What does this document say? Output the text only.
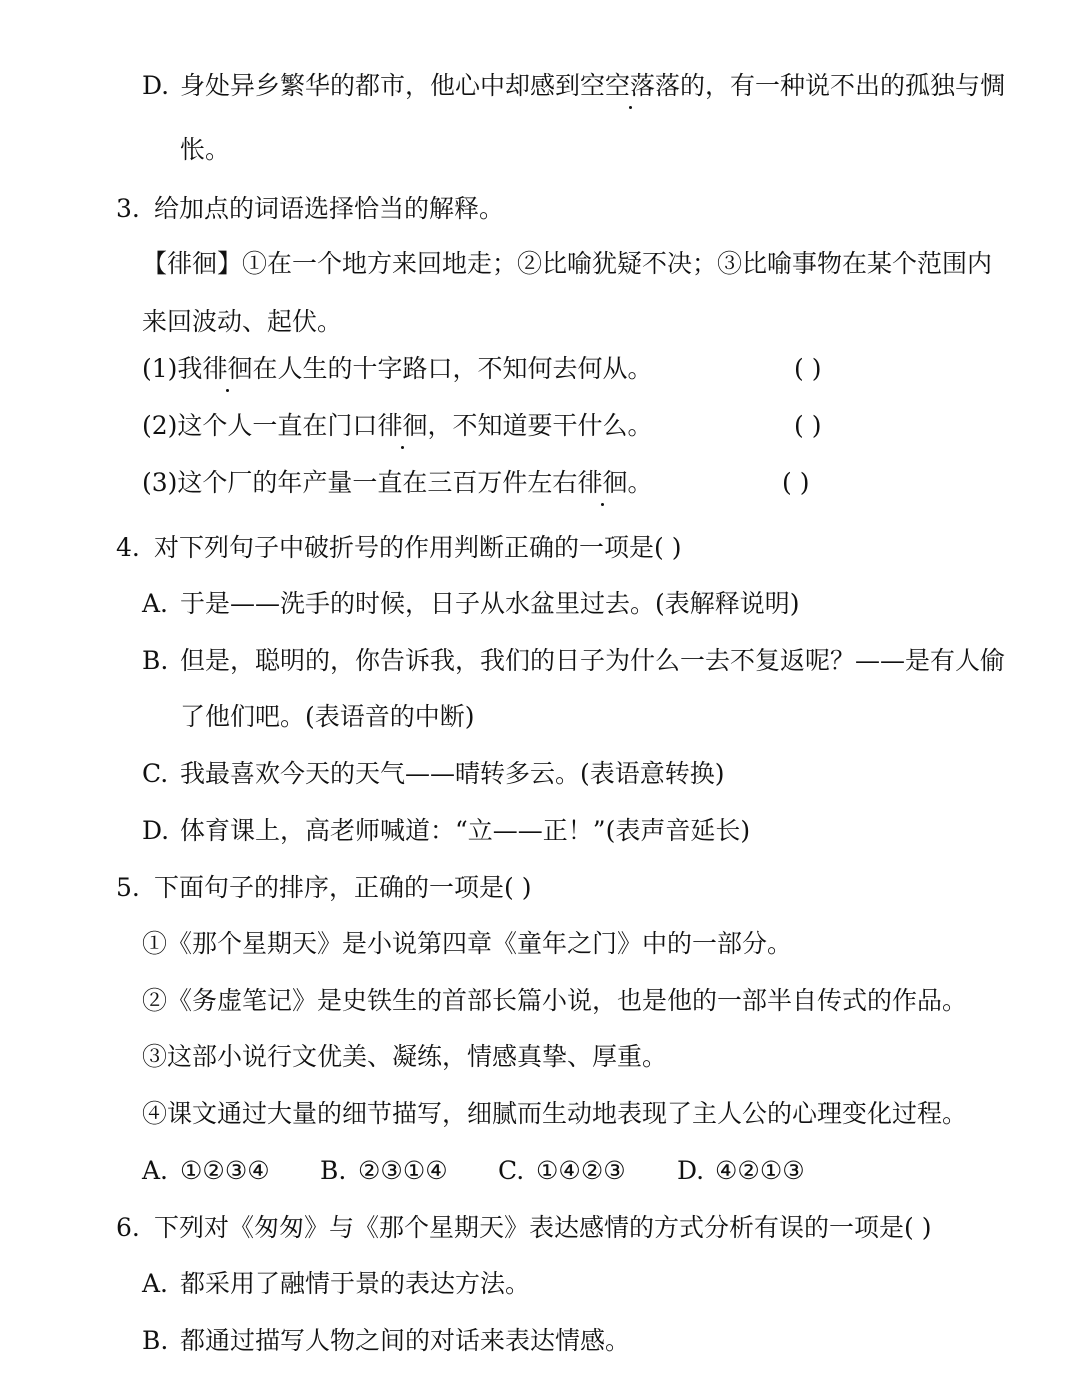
D. 身处异乡繁华的都市，他心中却感到空空落落的，有一种说不出的孤独与惆
怅。
3. 给加点的词语选择恰当的解释。
【徘徊】①在一个地方来回地走；②比喻犹疑不决；③比喻事物在某个范围内
来回波动、起伏。
(1)我徘徊在人生的十字路口，不知何去何从。	( )
(2)这个人一直在门口徘徊，不知道要干什么。	( )
(3)这个厂的年产量一直在三百万件左右徘徊。	( )
4. 对下列句子中破折号的作用判断正确的一项是( )
A. 于是——洗手的时候，日子从水盆里过去。(表解释说明)
B. 但是，聪明的，你告诉我，我们的日子为什么一去不复返呢？——是有人偷
了他们吧。(表语音的中断)
C. 我最喜欢今天的天气——晴转多云。(表语意转换)
D. 体育课上，高老师喊道：“立——正！”(表声音延长)
5. 下面句子的排序，正确的一项是( )
①《那个星期天》是小说第四章《童年之门》中的一部分。
②《务虚笔记》是史铁生的首部长篇小说，也是他的一部半自传式的作品。
③这部小说行文优美、凝练，情感真挚、厚重。
④课文通过大量的细节描写，细腻而生动地表现了主人公的心理变化过程。
A. ①②③④ B. ②③①④ C. ①④②③ D. ④②①③
6. 下列对《匆匆》与《那个星期天》表达感情的方式分析有误的一项是( )
A. 都采用了融情于景的表达方法。
B. 都通过描写人物之间的对话来表达情感。
